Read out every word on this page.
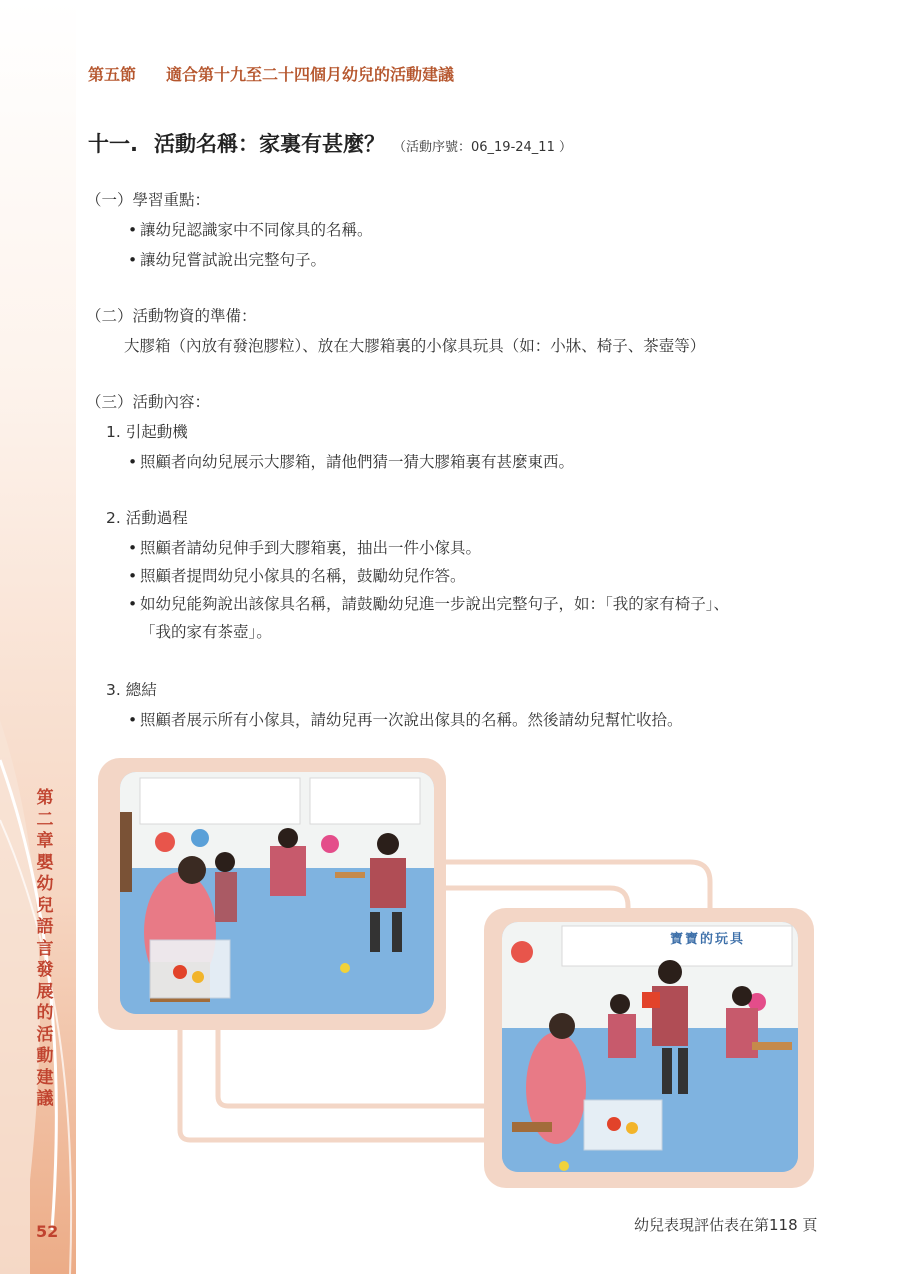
第二章 嬰幼兒語言發展的活動建議
52
第五節 適合第十九至二十四個月幼兒的活動建議
十一. 活動名稱：家裏有甚麼？ （活動序號：06_19-24_11 ）
（一）學習重點：
• 讓幼兒認識家中不同傢具的名稱。
• 讓幼兒嘗試說出完整句子。
（二）活動物資的準備：
大膠箱（內放有發泡膠粒）、放在大膠箱裏的小傢具玩具（如：小牀、椅子、茶壺等）
（三）活動內容：
1. 引起動機
• 照顧者向幼兒展示大膠箱，請他們猜一猜大膠箱裏有甚麼東西。
2. 活動過程
• 照顧者請幼兒伸手到大膠箱裏，抽出一件小傢具。
• 照顧者提問幼兒小傢具的名稱，鼓勵幼兒作答。
• 如幼兒能夠說出該傢具名稱，請鼓勵幼兒進一步說出完整句子，如：「我的家有椅子」、
「我的家有茶壺」。
3. 總結
• 照顧者展示所有小傢具，請幼兒再一次說出傢具的名稱。然後請幼兒幫忙收拾。
寶寶的玩具
幼兒表現評估表在第118 頁
